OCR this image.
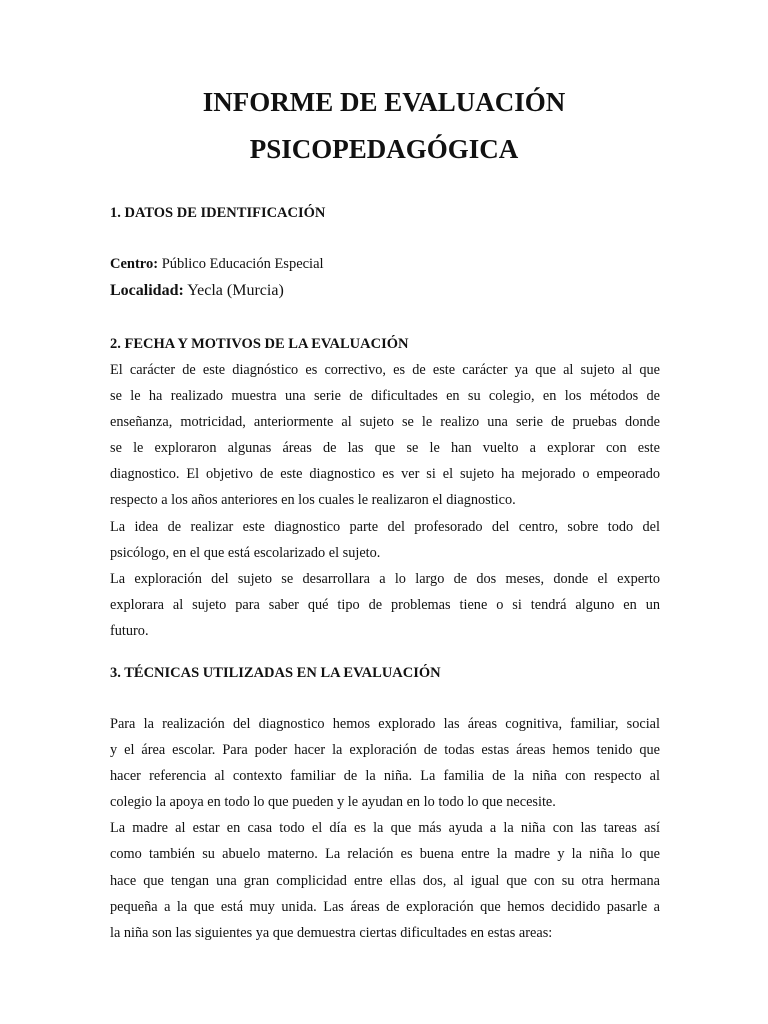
INFORME DE EVALUACIÓN
PSICOPEDAGÓGICA
1. DATOS DE IDENTIFICACIÓN

Centro: Público Educación Especial

Localidad: Yecla (Murcia)

2. FECHA Y MOTIVOS DE LA EVALUACIÓN
El carácter de este diagnóstico es correctivo, es de este carácter ya que al sujeto al que
se le ha realizado muestra una serie de dificultades en su colegio, en los métodos de
enseñanza, motricidad, anteriormente al sujeto se le realizo una serie de pruebas donde
se le exploraron algunas áreas de las que se le han vuelto a explorar con este
diagnostico. El objetivo de este diagnostico es ver si el sujeto ha mejorado o empeorado
respecto a los años anteriores en los cuales le realizaron el diagnostico.
La idea de realizar este diagnostico parte del profesorado del centro, sobre todo del
psicólogo, en el que está escolarizado el sujeto.
La exploración del sujeto se desarrollara a lo largo de dos meses, donde el experto
explorara al sujeto para saber qué tipo de problemas tiene o si tendrá alguno en un
futuro.
3. TÉCNICAS UTILIZADAS EN LA EVALUACIÓN
Para la realización del diagnostico hemos explorado las áreas cognitiva, familiar, social
y el área escolar. Para poder hacer la exploración de todas estas áreas hemos tenido que
hacer referencia al contexto familiar de la niña. La familia de la niña con respecto al
colegio la apoya en todo lo que pueden y le ayudan en lo todo lo que necesite.
La madre al estar en casa todo el día es la que más ayuda a la niña con las tareas así
como también su abuelo materno. La relación es buena entre la madre y la niña lo que
hace que tengan una gran complicidad entre ellas dos, al igual que con su otra hermana
pequeña a la que está muy unida. Las áreas de exploración que hemos decidido pasarle a
la niña son las siguientes ya que demuestra ciertas dificultades en estas areas:
